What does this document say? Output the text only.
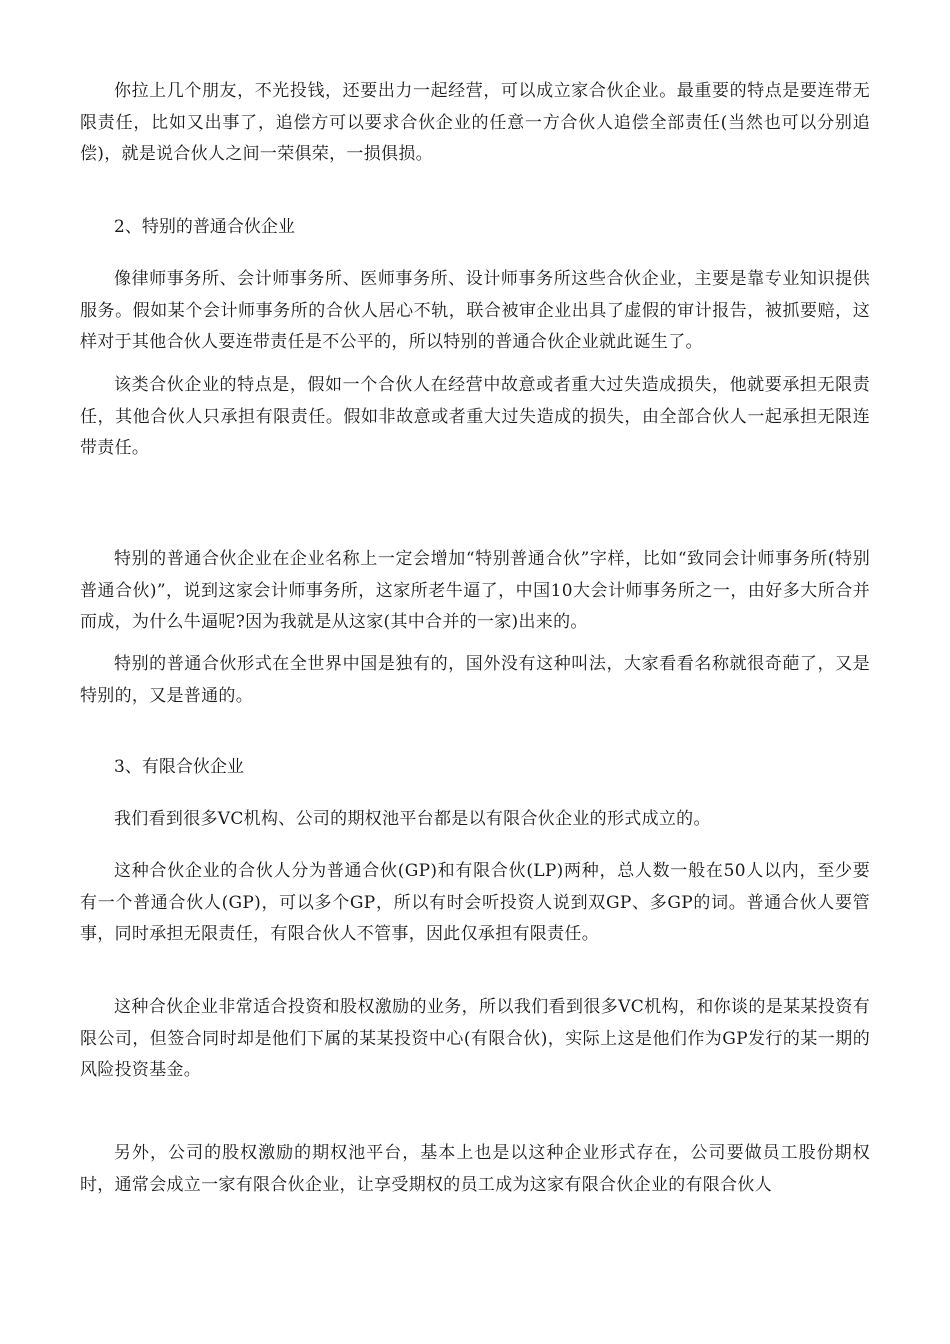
你拉上几个朋友，不光投钱，还要出力一起经营，可以成立家合伙企业。最重要的特点是要连带无限责任，比如又出事了，追偿方可以要求合伙企业的任意一方合伙人追偿全部责任(当然也可以分别追偿)，就是说合伙人之间一荣俱荣，一损俱损。

2、特别的普通合伙企业

像律师事务所、会计师事务所、医师事务所、设计师事务所这些合伙企业，主要是靠专业知识提供服务。假如某个会计师事务所的合伙人居心不轨，联合被审企业出具了虚假的审计报告，被抓要赔，这样对于其他合伙人要连带责任是不公平的，所以特别的普通合伙企业就此诞生了。

该类合伙企业的特点是，假如一个合伙人在经营中故意或者重大过失造成损失，他就要承担无限责任，其他合伙人只承担有限责任。假如非故意或者重大过失造成的损失，由全部合伙人一起承担无限连带责任。

特别的普通合伙企业在企业名称上一定会增加“特别普通合伙”字样，比如“致同会计师事务所(特别普通合伙)”，说到这家会计师事务所，这家所老牛逼了，中国10大会计师事务所之一，由好多大所合并而成，为什么牛逼呢?因为我就是从这家(其中合并的一家)出来的。

特别的普通合伙形式在全世界中国是独有的，国外没有这种叫法，大家看看名称就很奇葩了，又是特别的，又是普通的。

3、有限合伙企业

我们看到很多VC机构、公司的期权池平台都是以有限合伙企业的形式成立的。

这种合伙企业的合伙人分为普通合伙(GP)和有限合伙(LP)两种，总人数一般在50人以内，至少要有一个普通合伙人(GP)，可以多个GP，所以有时会听投资人说到双GP、多GP的词。普通合伙人要管事，同时承担无限责任，有限合伙人不管事，因此仅承担有限责任。

这种合伙企业非常适合投资和股权激励的业务，所以我们看到很多VC机构，和你谈的是某某投资有限公司，但签合同时却是他们下属的某某投资中心(有限合伙)，实际上这是他们作为GP发行的某一期的风险投资基金。

另外，公司的股权激励的期权池平台，基本上也是以这种企业形式存在，公司要做员工股份期权时，通常会成立一家有限合伙企业，让享受期权的员工成为这家有限合伙企业的有限合伙人
